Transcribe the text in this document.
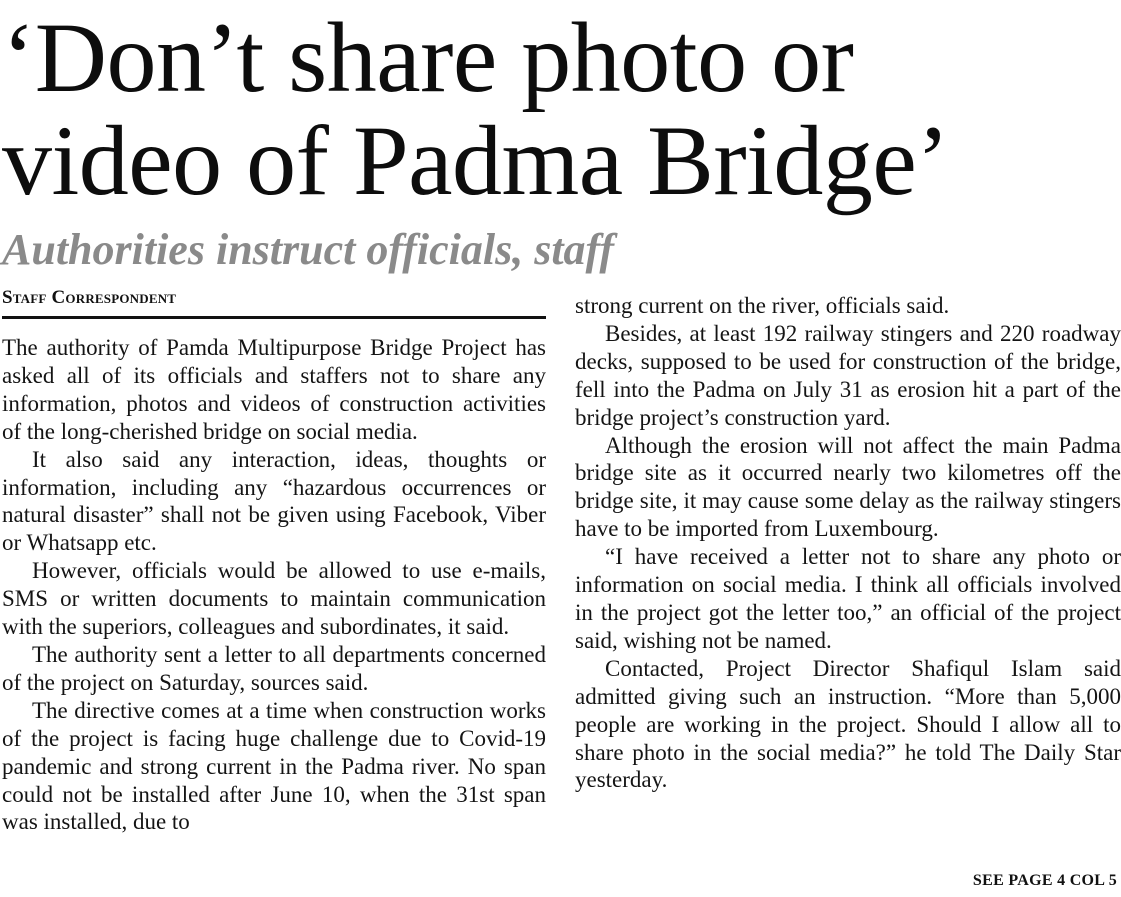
‘Don’t share photo or
video of Padma Bridge’
Authorities instruct officials, staff
Staff Correspondent

The authority of Pamda Multipurpose Bridge Project has asked all of its officials and staffers not to share any information, photos and videos of construction activities of the long-cherished bridge on social media.

It also said any interaction, ideas, thoughts or information, including any “hazardous occurrences or natural disaster” shall not be given using Facebook, Viber or Whatsapp etc.

However, officials would be allowed to use e-mails, SMS or written documents to maintain communication with the superiors, colleagues and subordinates, it said.

The authority sent a letter to all departments concerned of the project on Saturday, sources said.

The directive comes at a time when construction works of the project is facing huge challenge due to Covid-19 pandemic and strong current in the Padma river. No span could not be installed after June 10, when the 31st span was installed, due to

strong current on the river, officials said.

Besides, at least 192 railway stingers and 220 roadway decks, supposed to be used for construction of the bridge, fell into the Padma on July 31 as erosion hit a part of the bridge project’s construction yard.

Although the erosion will not affect the main Padma bridge site as it occurred nearly two kilometres off the bridge site, it may cause some delay as the railway stingers have to be imported from Luxembourg.

“I have received a letter not to share any photo or information on social media. I think all officials involved in the project got the letter too,” an official of the project said, wishing not be named.

Contacted, Project Director Shafiqul Islam said admitted giving such an instruction. “More than 5,000 people are working in the project. Should I allow all to share photo in the social media?” he told The Daily Star yesterday.

SEE PAGE 4 COL 5
